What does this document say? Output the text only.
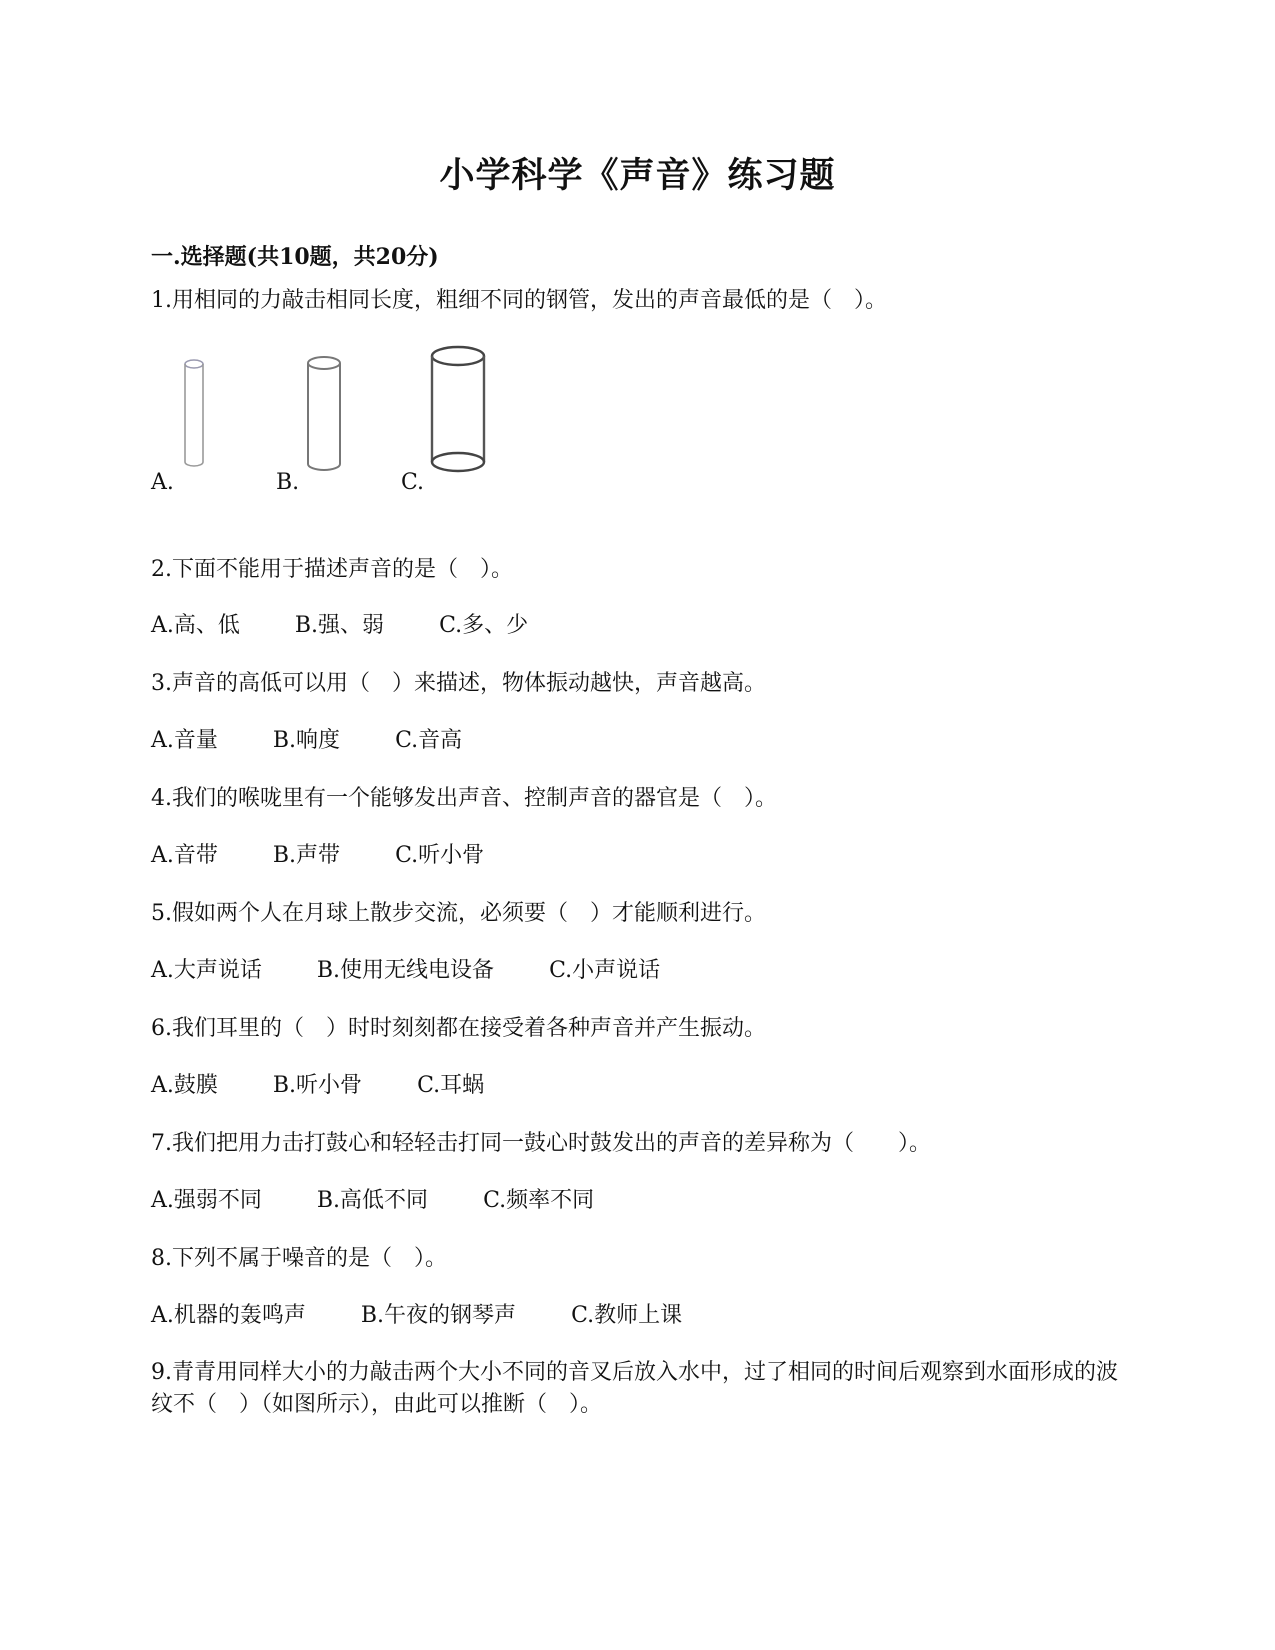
小学科学《声音》练习题
一.选择题(共10题，共20分)
1.用相同的力敲击相同长度，粗细不同的钢管，发出的声音最低的是（　）。
A.	B.	C.
2.下面不能用于描述声音的是（　）。
A.高、低	B.强、弱	C.多、少
3.声音的高低可以用（　）来描述，物体振动越快，声音越高。
A.音量	B.响度	C.音高
4.我们的喉咙里有一个能够发出声音、控制声音的器官是（　）。
A.音带	B.声带	C.听小骨
5.假如两个人在月球上散步交流，必须要（　）才能顺利进行。
A.大声说话	B.使用无线电设备	C.小声说话
6.我们耳里的（　）时时刻刻都在接受着各种声音并产生振动。
A.鼓膜	B.听小骨	C.耳蜗
7.我们把用力击打鼓心和轻轻击打同一鼓心时鼓发出的声音的差异称为（　　）。
A.强弱不同	B.高低不同	C.频率不同
8.下列不属于噪音的是（　）。
A.机器的轰鸣声	B.午夜的钢琴声	C.教师上课
9.青青用同样大小的力敲击两个大小不同的音叉后放入水中，过了相同的时间后观察到水面形成的波纹不（　）（如图所示），由此可以推断（　）。
